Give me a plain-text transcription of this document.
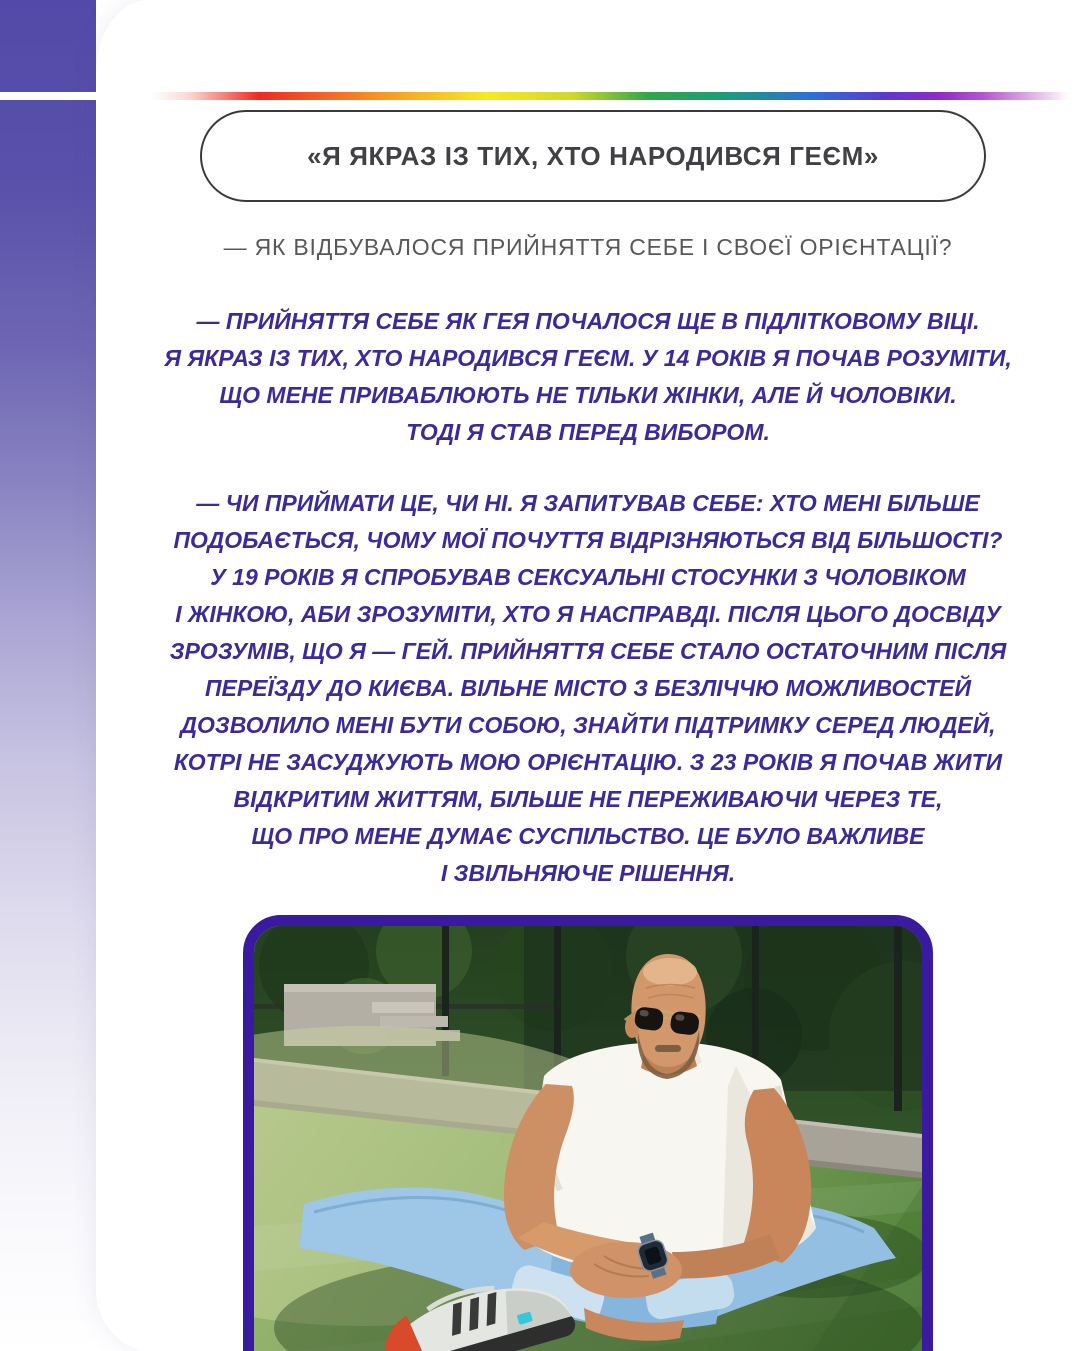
«Я ЯКРАЗ ІЗ ТИХ, ХТО НАРОДИВСЯ ГЕЄМ»
— ЯК ВІДБУВАЛОСЯ ПРИЙНЯТТЯ СЕБЕ І СВОЄЇ ОРІЄНТАЦІЇ?
— ПРИЙНЯТТЯ СЕБЕ ЯК ГЕЯ ПОЧАЛОСЯ ЩЕ В ПІДЛІТКОВОМУ ВІЦІ.
Я ЯКРАЗ ІЗ ТИХ, ХТО НАРОДИВСЯ ГЕЄМ. У 14 РОКІВ Я ПОЧАВ РОЗУМІТИ,
ЩО МЕНЕ ПРИВАБЛЮЮТЬ НЕ ТІЛЬКИ ЖІНКИ, АЛЕ Й ЧОЛОВІКИ.
ТОДІ Я СТАВ ПЕРЕД ВИБОРОМ.
— ЧИ ПРИЙМАТИ ЦЕ, ЧИ НІ. Я ЗАПИТУВАВ СЕБЕ: ХТО МЕНІ БІЛЬШЕ
ПОДОБАЄТЬСЯ, ЧОМУ МОЇ ПОЧУТТЯ ВІДРІЗНЯЮТЬСЯ ВІД БІЛЬШОСТІ?
У 19 РОКІВ Я СПРОБУВАВ СЕКСУАЛЬНІ СТОСУНКИ З ЧОЛОВІКОМ
І ЖІНКОЮ, АБИ ЗРОЗУМІТИ, ХТО Я НАСПРАВДІ. ПІСЛЯ ЦЬОГО ДОСВІДУ
ЗРОЗУМІВ, ЩО Я — ГЕЙ. ПРИЙНЯТТЯ СЕБЕ СТАЛО ОСТАТОЧНИМ ПІСЛЯ
ПЕРЕЇЗДУ ДО КИЄВА. ВІЛЬНЕ МІСТО З БЕЗЛІЧЧЮ МОЖЛИВОСТЕЙ
ДОЗВОЛИЛО МЕНІ БУТИ СОБОЮ, ЗНАЙТИ ПІДТРИМКУ СЕРЕД ЛЮДЕЙ,
КОТРІ НЕ ЗАСУДЖУЮТЬ МОЮ ОРІЄНТАЦІЮ. З 23 РОКІВ Я ПОЧАВ ЖИТИ
ВІДКРИТИМ ЖИТТЯМ, БІЛЬШЕ НЕ ПЕРЕЖИВАЮЧИ ЧЕРЕЗ ТЕ,
ЩО ПРО МЕНЕ ДУМАЄ СУСПІЛЬСТВО. ЦЕ БУЛО ВАЖЛИВЕ
І ЗВІЛЬНЯЮЧЕ РІШЕННЯ.
